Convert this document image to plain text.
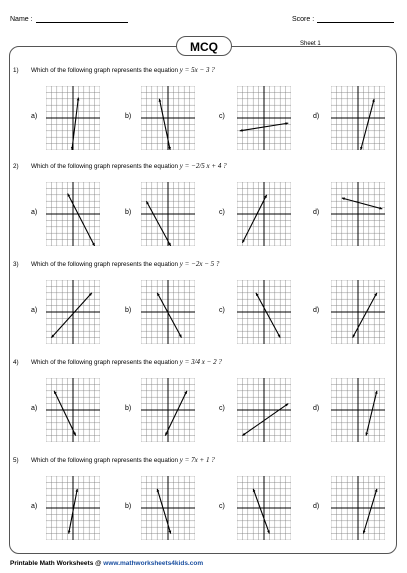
Name :	Score :
MCQ	Sheet 1
1) Which of the following graph represents the equation y = 5x − 3 ?
a)	b)	c)	d)
2) Which of the following graph represents the equation y = −2/5 x + 4 ?
a)	b)	c)	d)
3) Which of the following graph represents the equation y = −2x − 5 ?
a)	b)	c)	d)
4) Which of the following graph represents the equation y = 3/4 x − 2 ?
a)	b)	c)	d)
5) Which of the following graph represents the equation y = 7x + 1 ?
a)	b)	c)	d)
Printable Math Worksheets @ www.mathworksheets4kids.com
